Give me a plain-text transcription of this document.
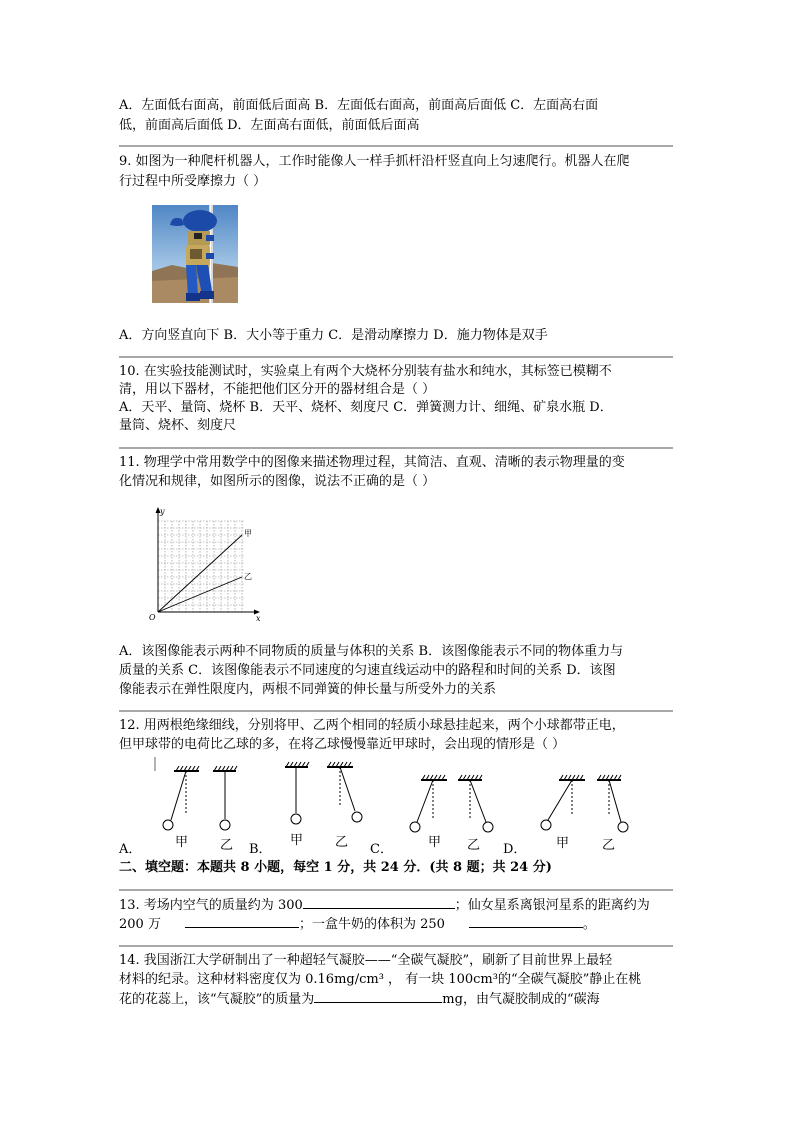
A．左面低右面高，前面低后面高 B．左面低右面高，前面高后面低 C．左面高右面
低，前面高后面低 D．左面高右面低，前面低后面高
9. 如图为一种爬杆机器人，工作时能像人一样手抓杆沿杆竖直向上匀速爬行。机器人在爬
行过程中所受摩擦力（ ）
A．方向竖直向下 B．大小等于重力 C．是滑动摩擦力 D．施力物体是双手
10. 在实验技能测试时，实验桌上有两个大烧杯分别装有盐水和纯水，其标签已模糊不
清，用以下器材，不能把他们区分开的器材组合是（ ）
A．天平、量筒、烧杯 B．天平、烧杯、刻度尺 C．弹簧测力计、细绳、矿泉水瓶 D．
量筒、烧杯、刻度尺
11. 物理学中常用数学中的图像来描述物理过程，其简洁、直观、清晰的表示物理量的变
化情况和规律，如图所示的图像，说法不正确的是（ ）
y
x
O
甲
乙
A．该图像能表示两种不同物质的质量与体积的关系 B．该图像能表示不同的物体重力与
质量的关系 C．该图像能表示不同速度的匀速直线运动中的路程和时间的关系 D．该图
像能表示在弹性限度内，两根不同弹簧的伸长量与所受外力的关系
12. 用两根绝缘细线，分别将甲、乙两个相同的轻质小球悬挂起来，两个小球都带正电，
但甲球带的电荷比乙球的多，在将乙球慢慢靠近甲球时，会出现的情形是（ ）
甲 乙	甲 乙	甲 乙	甲	乙
A．	B．	C．	D．
二、填空题：本题共 8 小题，每空 1 分，共 24 分．(共 8 题；共 24 分)
13. 考场内空气的质量约为 300	；仙女星系离银河星系的距离约为
200 万	；一盒牛奶的体积为 250	。
14. 我国浙江大学研制出了一种超轻气凝胶——“全碳气凝胶”，刷新了目前世界上最轻
材料的纪录。这种材料密度仅为 0.16mg/cm³ ， 有一块 100cm³的“全碳气凝胶”静止在桃
花的花蕊上，该“气凝胶”的质量为	mg，由气凝胶制成的“碳海
